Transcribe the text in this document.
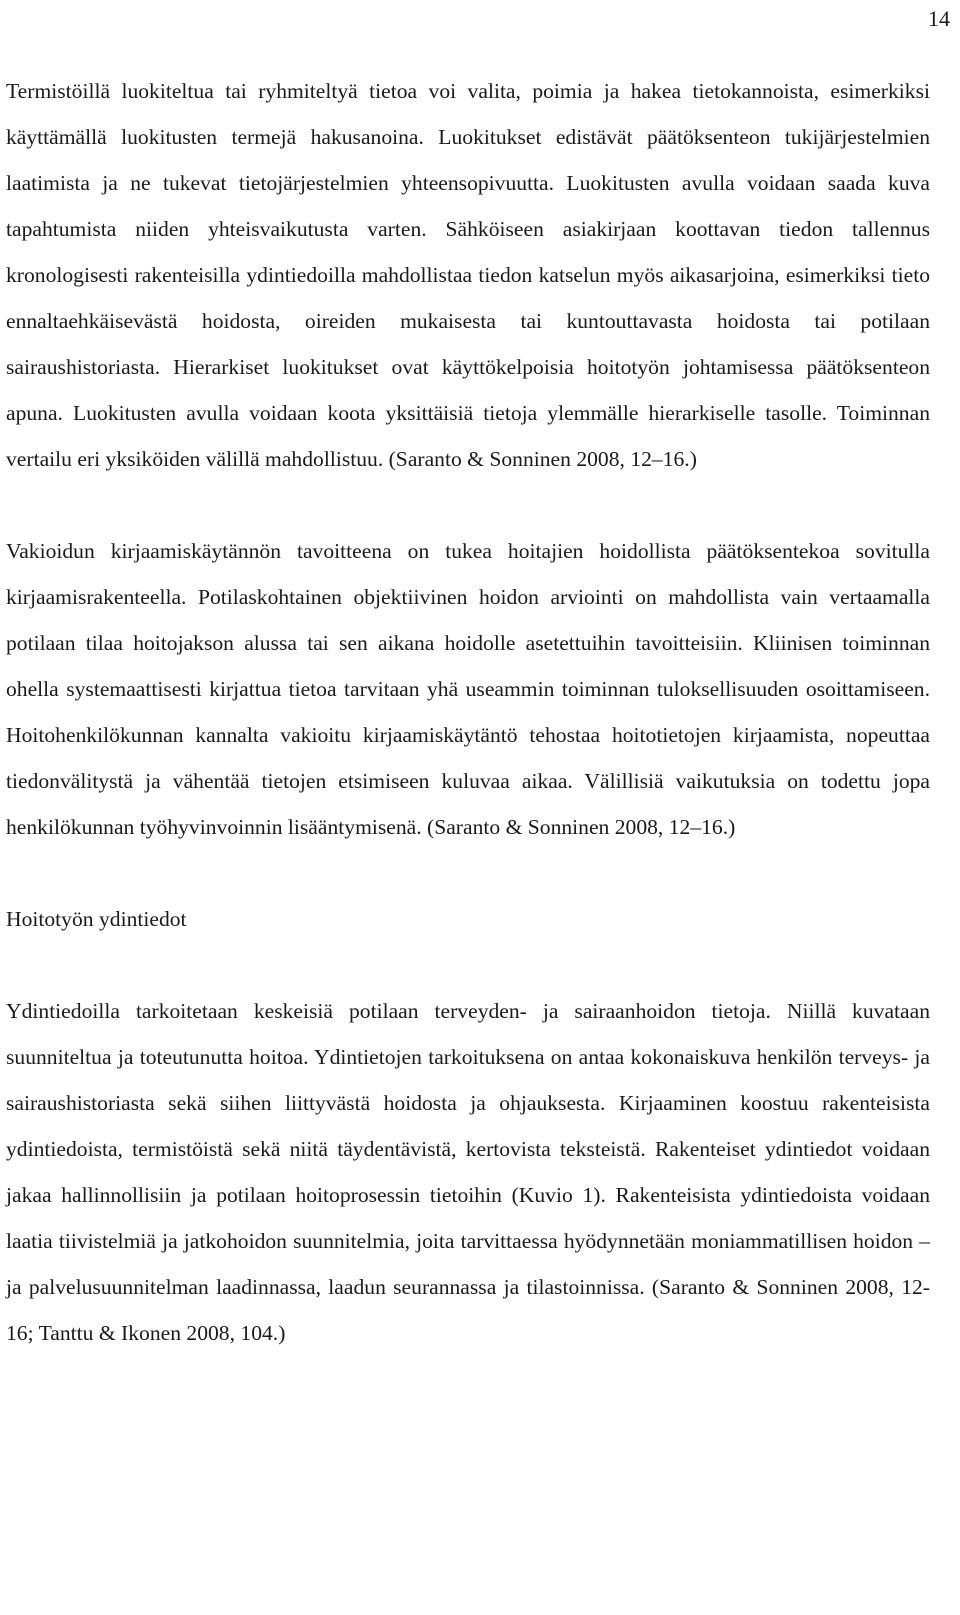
14

Termistöillä luokiteltua tai ryhmiteltyä tietoa voi valita, poimia ja hakea tietokannoista, esimerkiksi käyttämällä luokitusten termejä hakusanoina. Luokitukset edistävät päätöksenteon tukijärjestelmien laatimista ja ne tukevat tietojärjestelmien yhteensopivuutta. Luokitusten avulla voidaan saada kuva tapahtumista niiden yhteisvaikutusta varten. Sähköiseen asiakirjaan koottavan tiedon tallennus kronologisesti rakenteisilla ydintiedoilla mahdollistaa tiedon katselun myös aikasarjoina, esimerkiksi tieto ennaltaehkäisevästä hoidosta, oireiden mukaisesta tai kuntouttavasta hoidosta tai potilaan sairaushistoriasta. Hierarkiset luokitukset ovat käyttökelpoisia hoitotyön johtamisessa päätöksenteon apuna. Luokitusten avulla voidaan koota yksittäisiä tietoja ylemmälle hierarkiselle tasolle. Toiminnan vertailu eri yksiköiden välillä mahdollistuu. (Saranto & Sonninen 2008, 12–16.)

Vakioidun kirjaamiskäytännön tavoitteena on tukea hoitajien hoidollista päätöksentekoa sovitulla kirjaamisrakenteella. Potilaskohtainen objektiivinen hoidon arviointi on mahdollista vain vertaamalla potilaan tilaa hoitojakson alussa tai sen aikana hoidolle asetettuihin tavoitteisiin. Kliinisen toiminnan ohella systemaattisesti kirjattua tietoa tarvitaan yhä useammin toiminnan tuloksellisuuden osoittamiseen. Hoitohenkilökunnan kannalta vakioitu kirjaamiskäytäntö tehostaa hoitotietojen kirjaamista, nopeuttaa tiedonvälitystä ja vähentää tietojen etsimiseen kuluvaa aikaa. Välillisiä vaikutuksia on todettu jopa henkilökunnan työhyvinvoinnin lisääntymisenä. (Saranto & Sonninen 2008, 12–16.)

Hoitotyön ydintiedot

Ydintiedoilla tarkoitetaan keskeisiä potilaan terveyden- ja sairaanhoidon tietoja. Niillä kuvataan suunniteltua ja toteutunutta hoitoa. Ydintietojen tarkoituksena on antaa kokonaiskuva henkilön terveys- ja sairaushistoriasta sekä siihen liittyvästä hoidosta ja ohjauksesta. Kirjaaminen koostuu rakenteisista ydintiedoista, termistöistä sekä niitä täydentävistä, kertovista teksteistä. Rakenteiset ydintiedot voidaan jakaa hallinnollisiin ja potilaan hoitoprosessin tietoihin (Kuvio 1). Rakenteisista ydintiedoista voidaan laatia tiivistelmiä ja jatkohoidon suunnitelmia, joita tarvittaessa hyödynnetään moniammatillisen hoidon – ja palvelusuunnitelman laadinnassa, laadun seurannassa ja tilastoinnissa. (Saranto & Sonninen 2008, 12- 16; Tanttu & Ikonen 2008, 104.)
